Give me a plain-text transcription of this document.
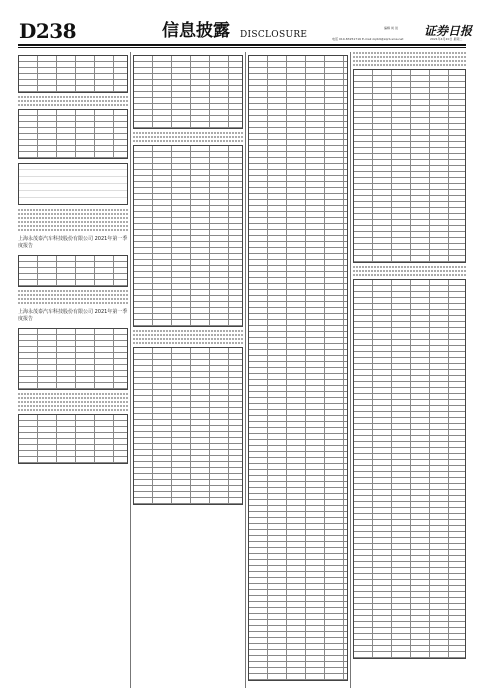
D238	信息披露 DISCLOSURE
编辑 尚 进 证券日报
电话 010-83251716 E-mail zqrb9@zqrb.sina.net	2021年4月20日 星期二
上海永茂泰汽车科技股份有限公司 2021年第一季度报告
上海永茂泰汽车科技股份有限公司 2021年第一季度报告
